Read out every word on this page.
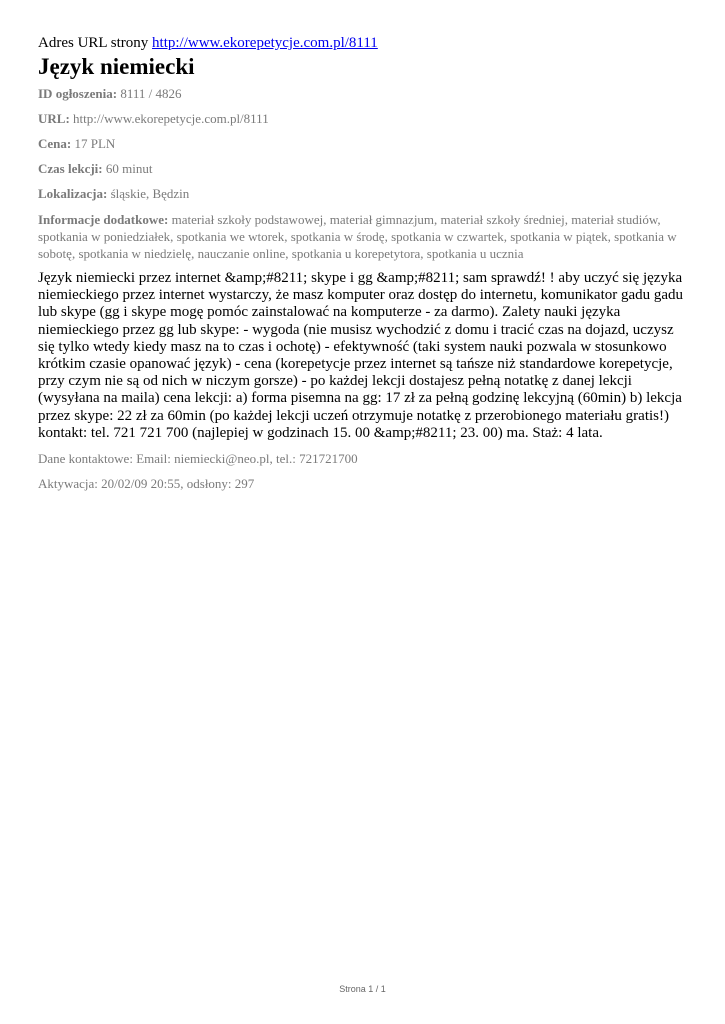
Adres URL strony http://www.ekorepetycje.com.pl/8111

Język niemiecki

ID ogłoszenia: 8111 / 4826

URL: http://www.ekorepetycje.com.pl/8111

Cena: 17 PLN

Czas lekcji: 60 minut

Lokalizacja: śląskie, Będzin

Informacje dodatkowe: materiał szkoły podstawowej, materiał gimnazjum, materiał szkoły średniej, materiał studiów, spotkania w poniedziałek, spotkania we wtorek, spotkania w środę, spotkania w czwartek, spotkania w piątek, spotkania w sobotę, spotkania w niedzielę, nauczanie online, spotkania u korepetytora, spotkania u ucznia

Język niemiecki przez internet &amp;#8211; skype i gg &amp;#8211; sam sprawdź! ! aby uczyć się języka niemieckiego przez internet wystarczy, że masz komputer oraz dostęp do internetu, komunikator gadu gadu lub skype (gg i skype mogę pomóc zainstalować na komputerze - za darmo). Zalety nauki języka niemieckiego przez gg lub skype: - wygoda (nie musisz wychodzić z domu i tracić czas na dojazd, uczysz się tylko wtedy kiedy masz na to czas i ochotę) - efektywność (taki system nauki pozwala w stosunkowo krótkim czasie opanować język) - cena (korepetycje przez internet są tańsze niż standardowe korepetycje, przy czym nie są od nich w niczym gorsze) - po każdej lekcji dostajesz pełną notatkę z danej lekcji (wysyłana na maila) cena lekcji: a) forma pisemna na gg: 17 zł za pełną godzinę lekcyjną (60min) b) lekcja przez skype: 22 zł za 60min (po każdej lekcji uczeń otrzymuje notatkę z przerobionego materiału gratis!) kontakt: tel. 721 721 700 (najlepiej w godzinach 15. 00 &amp;#8211; 23. 00) ma. Staż: 4 lata.

Dane kontaktowe: Email: niemiecki@neo.pl, tel.: 721721700

Aktywacja: 20/02/09 20:55, odsłony: 297

Strona 1 / 1
